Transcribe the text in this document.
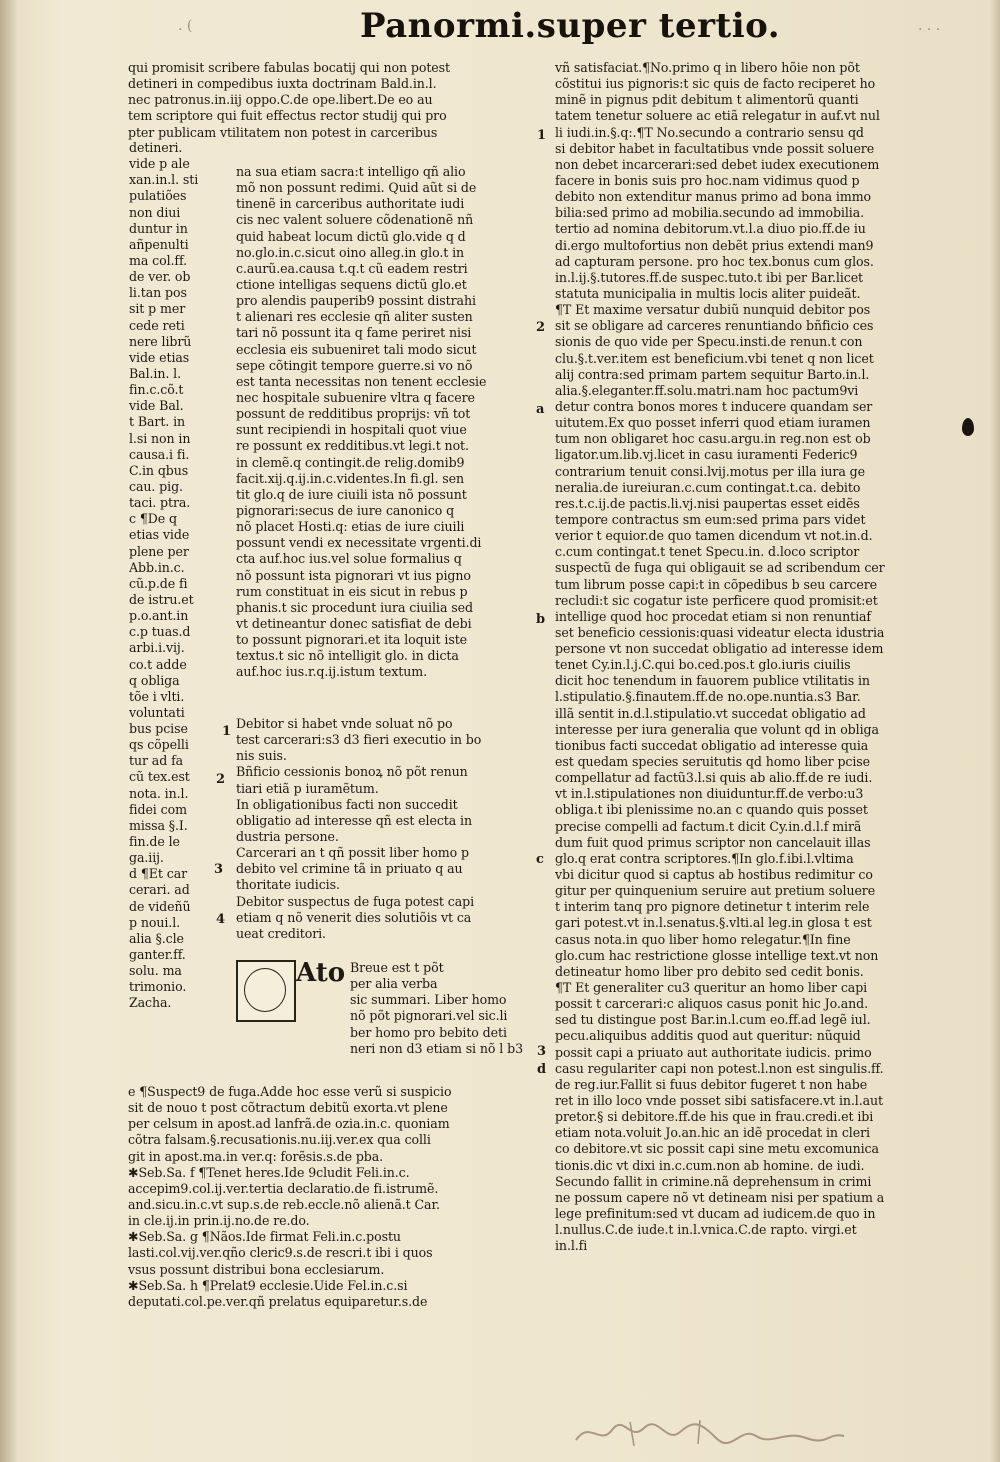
. (	. . .
Panormi.super tertio.
qui promisit scribere fabulas bocatij qui non potest
detineri in compedibus iuxta doctrinam Bald.in.l.
nec patronus.in.iij oppo.C.de ope.libert.De eo au
tem scriptore qui fuit effectus rector studij qui pro
pter publicam vtilitatem non potest in carceribus
detineri.
vide p ale
xan.in.l. sti
pulatiões
non diui
duntur in
añpenulti
ma col.ff.
de ver. ob
li.tan pos
sit p mer
cede reti
nere librũ
vide etias
Bal.in. l.
fin.c.cõ.t
vide Bal.
t Bart. in
l.si non in
causa.i fi.
C.in qbus
cau. pig.
taci. ptra.
c ¶De q
etias vide
plene per
Abb.in.c.
cũ.p.de fi
de istru.et
p.o.ant.in
c.p tuas.d
arbi.i.vij.
co.t adde
q obliga
tõe i vlti.
voluntati
bus pcise
qs cõpelli
tur ad fa
cũ tex.est
nota. in.l.
fidei com
missa §.I.
fin.de le
ga.iij.
d ¶Et car
cerari. ad
de videñũ
p noui.l.
alia §.cle
ganter.ff.
solu. ma
trimonio.
Zacha.
na sua etiam sacra:t intelligo qñ alio
mõ non possunt redimi. Quid aũt si de
tinenẽ in carceribus authoritate iudi
cis nec valent soluere cõdenationẽ nñ
quid habeat locum dictũ glo.vide q d
no.glo.in.c.sicut oino alleg.in glo.t in
c.aurũ.ea.causa t.q.t cũ eadem restri
ctione intelligas sequens dictũ glo.et
pro alendis pauperib9 possint distrahi
t alienari res ecclesie qñ aliter susten
tari nõ possunt ita q fame periret nisi
ecclesia eis subueniret tali modo sicut
sepe cõtingit tempore guerre.si vo nõ
est tanta necessitas non tenent ecclesie
nec hospitale subuenire vltra q facere
possunt de redditibus proprijs: vñ tot
sunt recipiendi in hospitali quot viue
re possunt ex redditibus.vt legi.t not.
in clemẽ.q contingit.de relig.domib9
facit.xij.q.ij.in.c.videntes.In fi.gl. sen
tit glo.q de iure ciuili ista nõ possunt
pignorari:secus de iure canonico q
nõ placet Hosti.q: etias de iure ciuili
possunt vendi ex necessitate vrgenti.di
cta auf.hoc ius.vel solue formalius q
nõ possunt ista pignorari vt ius pigno
rum constituat in eis sicut in rebus p
phanis.t sic procedunt iura ciuilia sed
vt detineantur donec satisfiat de debi
to possunt pignorari.et ita loquit iste
textus.t sic nõ intelligit glo. in dicta
auf.hoc ius.r.q.ij.istum textum.
Debitor si habet vnde soluat nõ po
test carcerari:s3 d3 fieri executio in bo
nis suis.
Bñficio cessionis bonoꝝ nõ põt renun
tiari etiã p iuramẽtum.
In obligationibus facti non succedit
obligatio ad interesse qñ est electa in
dustria persone.
Carcerari an t qñ possit liber homo p
debito vel crimine tã in priuato q au
thoritate iudicis.
Debitor suspectus de fuga potest capi
etiam q nõ venerit dies solutiõis vt ca
ueat creditori.
1
2
3
4
Ato Breue est t põt
per alia verba
sic summari. Liber homo
nõ põt pignorari.vel sic.li
ber homo pro bebito deti
neri non d3 etiam si nõ l b3
e ¶Suspect9 de fuga.Adde hoc esse verũ si suspicio
sit de nouo t post cõtractum debitũ exorta.vt plene
per celsum in apost.ad lanfrã.de ozia.in.c. quoniam
cõtra falsam.§.recusationis.nu.iij.ver.ex qua colli
git in apost.ma.in ver.q: forẽsis.s.de pba.
✱Seb.Sa. f ¶Tenet heres.Ide 9cludit Feli.in.c.
accepim9.col.ij.ver.tertia declaratio.de fi.istrumẽ.
and.sicu.in.c.vt sup.s.de reb.eccle.nõ alienã.t Car.
in cle.ij.in prin.ij.no.de re.do.
✱Seb.Sa. g ¶Nãos.Ide firmat Feli.in.c.postu
lasti.col.vij.ver.qño cleric9.s.de rescri.t ibi i quos
vsus possunt distribui bona ecclesiarum.
✱Seb.Sa. h ¶Prelat9 ecclesie.Uide Fel.in.c.si
deputati.col.pe.ver.qñ prelatus equiparetur.s.de
vñ satisfaciat.¶No.primo q in libero hõie non põt
cõstitui ius pignoris:t sic quis de facto reciperet ho
minẽ in pignus pdit debitum t alimentorũ quanti
tatem tenetur soluere ac etiã relegatur in auf.vt nul
li iudi.in.§.q:.¶T No.secundo a contrario sensu qd
si debitor habet in facultatibus vnde possit soluere
non debet incarcerari:sed debet iudex executionem
facere in bonis suis pro hoc.nam vidimus quod p
debito non extenditur manus primo ad bona immo
bilia:sed primo ad mobilia.secundo ad immobilia.
tertio ad nomina debitorum.vt.l.a diuo pio.ff.de iu
di.ergo multofortius non debẽt prius extendi man9
ad capturam persone. pro hoc tex.bonus cum glos.
in.l.ij.§.tutores.ff.de suspec.tuto.t ibi per Bar.licet
statuta municipalia in multis locis aliter puideãt.
¶T Et maxime versatur dubiũ nunquid debitor pos
sit se obligare ad carceres renuntiando bñficio ces
sionis de quo vide per Specu.insti.de renun.t con
clu.§.t.ver.item est beneficium.vbi tenet q non licet
alij contra:sed primam partem sequitur Barto.in.l.
alia.§.eleganter.ff.solu.matri.nam hoc pactum9vi
detur contra bonos mores t inducere quandam ser
uitutem.Ex quo posset inferri quod etiam iuramen
tum non obligaret hoc casu.argu.in reg.non est ob
ligator.um.lib.vj.licet in casu iuramenti Federic9
contrarium tenuit consi.lvij.motus per illa iura ge
neralia.de iureiuran.c.cum contingat.t.ca. debito
res.t.c.ij.de pactis.li.vj.nisi paupertas esset eidẽs
tempore contractus sm eum:sed prima pars videt
verior t equior.de quo tamen dicendum vt not.in.d.
c.cum contingat.t tenet Specu.in. d.loco scriptor
suspectũ de fuga qui obligauit se ad scribendum cer
tum librum posse capi:t in cõpedibus b seu carcere
recludi:t sic cogatur iste perficere quod promisit:et
intellige quod hoc procedat etiam si non renuntiaf
set beneficio cessionis:quasi videatur electa idustria
persone vt non succedat obligatio ad interesse idem
tenet Cy.in.l.j.C.qui bo.ced.pos.t glo.iuris ciuilis
dicit hoc tenendum in fauorem publice vtilitatis in
l.stipulatio.§.finautem.ff.de no.ope.nuntia.s3 Bar.
illã sentit in.d.l.stipulatio.vt succedat obligatio ad
interesse per iura generalia que volunt qd in obliga
tionibus facti succedat obligatio ad interesse quia
est quedam species seruitutis qd homo liber pcise
compellatur ad factũ3.l.si quis ab alio.ff.de re iudi.
vt in.l.stipulationes non diuiduntur.ff.de verbo:u3
obliga.t ibi plenissime no.an c quando quis posset
precise compelli ad factum.t dicit Cy.in.d.l.f mirã
dum fuit quod primus scriptor non cancelauit illas
glo.q erat contra scriptores.¶In glo.f.ibi.l.vltima
vbi dicitur quod si captus ab hostibus redimitur co
gitur per quinquenium seruire aut pretium soluere
t interim tanq pro pignore detinetur t interim rele
gari potest.vt in.l.senatus.§.vlti.al leg.in glosa t est
casus nota.in quo liber homo relegatur.¶In fine
glo.cum hac restrictione glosse intellige text.vt non
detineatur homo liber pro debito sed cedit bonis.
¶T Et generaliter cu3 queritur an homo liber capi
possit t carcerari:c aliquos casus ponit hic Jo.and.
sed tu distingue post Bar.in.l.cum eo.ff.ad legẽ iul.
pecu.aliquibus additis quod aut queritur: nũquid
possit capi a priuato aut authoritate iudicis. primo
casu regulariter capi non potest.l.non est singulis.ff.
de reg.iur.Fallit si fuus debitor fugeret t non habe
ret in illo loco vnde posset sibi satisfacere.vt in.l.aut
pretor.§ si debitore.ff.de his que in frau.credi.et ibi
etiam nota.voluit Jo.an.hic an idẽ procedat in cleri
co debitore.vt sic possit capi sine metu excomunica
tionis.dic vt dixi in.c.cum.non ab homine. de iudi.
Secundo fallit in crimine.nã deprehensum in crimi
ne possum capere nõ vt detineam nisi per spatium a
lege prefinitum:sed vt ducam ad iudicem.de quo in
l.nullus.C.de iude.t in.l.vnica.C.de rapto. virgi.et
in.l.fi
1
2
a
b
c
3
d
